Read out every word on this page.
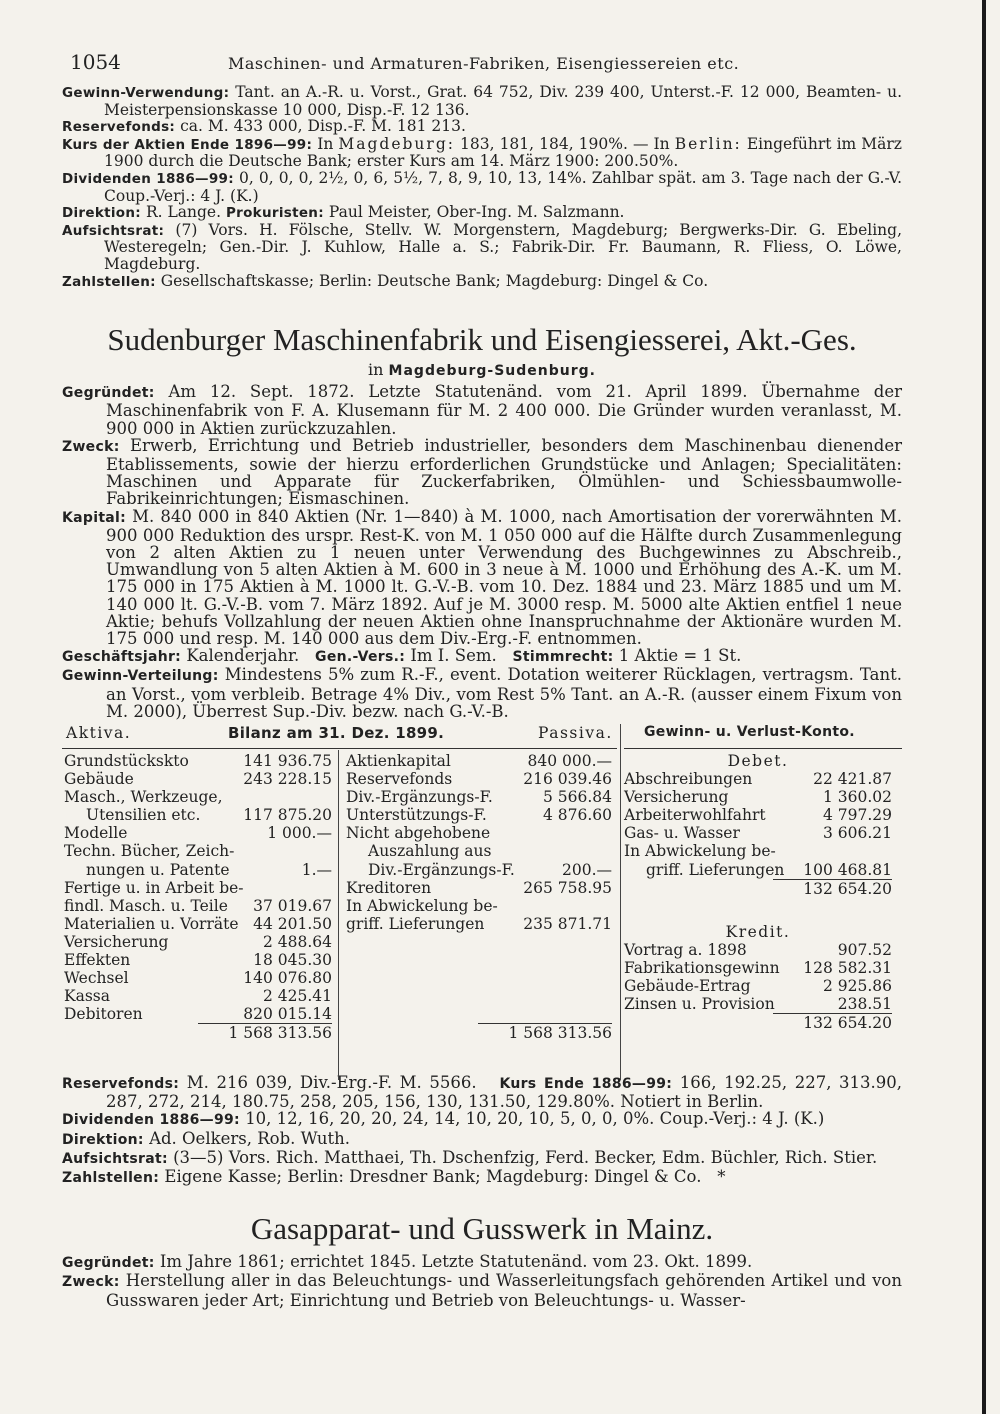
1054	Maschinen- und Armaturen-Fabriken, Eisengiessereien etc.

Gewinn-Verwendung: Tant. an A.-R. u. Vorst., Grat. 64 752, Div. 239 400, Unterst.-F. 12 000, Beamten- u. Meisterpensionskasse 10 000, Disp.-F. 12 136.

Reservefonds: ca. M. 433 000, Disp.-F. M. 181 213.

Kurs der Aktien Ende 1896—99: In Magdeburg: 183, 181, 184, 190%. — In Berlin: Eingeführt im März 1900 durch die Deutsche Bank; erster Kurs am 14. März 1900: 200.50%.

Dividenden 1886—99: 0, 0, 0, 0, 2½, 0, 6, 5½, 7, 8, 9, 10, 13, 14%. Zahlbar spät. am 3. Tage nach der G.-V. Coup.-Verj.: 4 J. (K.)

Direktion: R. Lange. Prokuristen: Paul Meister, Ober-Ing. M. Salzmann.

Aufsichtsrat: (7) Vors. H. Fölsche, Stellv. W. Morgenstern, Magdeburg; Bergwerks-Dir. G. Ebeling, Westeregeln; Gen.-Dir. J. Kuhlow, Halle a. S.; Fabrik-Dir. Fr. Baumann, R. Fliess, O. Löwe, Magdeburg.

Zahlstellen: Gesellschaftskasse; Berlin: Deutsche Bank; Magdeburg: Dingel & Co.

Sudenburger Maschinenfabrik und Eisengiesserei, Akt.-Ges.
in Magdeburg-Sudenburg.

Gegründet: Am 12. Sept. 1872. Letzte Statutenänd. vom 21. April 1899. Übernahme der Maschinenfabrik von F. A. Klusemann für M. 2 400 000. Die Gründer wurden veranlasst, M. 900 000 in Aktien zurückzuzahlen.

Zweck: Erwerb, Errichtung und Betrieb industrieller, besonders dem Maschinenbau dienender Etablissements, sowie der hierzu erforderlichen Grundstücke und Anlagen; Specialitäten: Maschinen und Apparate für Zuckerfabriken, Ölmühlen- und Schiessbaumwolle-Fabrikeinrichtungen; Eismaschinen.

Kapital: M. 840 000 in 840 Aktien (Nr. 1—840) à M. 1000, nach Amortisation der vorerwähnten M. 900 000 Reduktion des urspr. Rest-K. von M. 1 050 000 auf die Hälfte durch Zusammenlegung von 2 alten Aktien zu 1 neuen unter Verwendung des Buchgewinnes zu Abschreib., Umwandlung von 5 alten Aktien à M. 600 in 3 neue à M. 1000 und Erhöhung des A.-K. um M. 175 000 in 175 Aktien à M. 1000 lt. G.-V.-B. vom 10. Dez. 1884 und 23. März 1885 und um M. 140 000 lt. G.-V.-B. vom 7. März 1892. Auf je M. 3000 resp. M. 5000 alte Aktien entfiel 1 neue Aktie; behufs Vollzahlung der neuen Aktien ohne Inanspruchnahme der Aktionäre wurden M. 175 000 und resp. M. 140 000 aus dem Div.-Erg.-F. entnommen.

Geschäftsjahr: Kalenderjahr. Gen.-Vers.: Im I. Sem. Stimmrecht: 1 Aktie = 1 St.

Gewinn-Verteilung: Mindestens 5% zum R.-F., event. Dotation weiterer Rücklagen, vertragsm. Tant. an Vorst., vom verbleib. Betrage 4% Div., vom Rest 5% Tant. an A.-R. (ausser einem Fixum von M. 2000), Überrest Sup.-Div. bezw. nach G.-V.-B.

Aktiva.	Bilanz am 31. Dez. 1899.	Passiva. Gewinn- u. Verlust-Konto.
Grundstückskto	141 936.75
Gebäude	243 228.15
Masch., Werkzeuge,
Utensilien etc.	117 875.20
Modelle	1 000.—
Techn. Bücher, Zeich-
nungen u. Patente	1.—
Fertige u. in Arbeit be-
findl. Masch. u. Teile 37 019.67
Materialien u. Vorräte 44 201.50
Versicherung	2 488.64
Effekten	18 045.30
Wechsel	140 076.80
Kassa	2 425.41
Debitoren	820 015.14
1 568 313.56
Aktienkapital	840 000.—
Reservefonds	216 039.46
Div.-Ergänzungs-F.	5 566.84
Unterstützungs-F.	4 876.60
Nicht abgehobene
Auszahlung aus
Div.-Ergänzungs-F.	200.—
Kreditoren	265 758.95
In Abwickelung be-
griff. Lieferungen	235 871.71
1 568 313.56
Debet.
Abschreibungen	22 421.87
Versicherung	1 360.02
Arbeiterwohlfahrt	4 797.29
Gas- u. Wasser	3 606.21
In Abwickelung be-
griff. Lieferungen 100 468.81
132 654.20
Kredit.
Vortrag a. 1898	907.52
Fabrikationsgewinn 128 582.31
Gebäude-Ertrag	2 925.86
Zinsen u. Provision	238.51
132 654.20

Reservefonds: M. 216 039, Div.-Erg.-F. M. 5566. Kurs Ende 1886—99: 166, 192.25, 227, 313.90, 287, 272, 214, 180.75, 258, 205, 156, 130, 131.50, 129.80%. Notiert in Berlin.

Dividenden 1886—99: 10, 12, 16, 20, 20, 24, 14, 10, 20, 10, 5, 0, 0, 0%. Coup.-Verj.: 4 J. (K.)

Direktion: Ad. Oelkers, Rob. Wuth.

Aufsichtsrat: (3—5) Vors. Rich. Matthaei, Th. Dschenfzig, Ferd. Becker, Edm. Büchler, Rich. Stier.

Zahlstellen: Eigene Kasse; Berlin: Dresdner Bank; Magdeburg: Dingel & Co. *

Gasapparat- und Gusswerk in Mainz.

Gegründet: Im Jahre 1861; errichtet 1845. Letzte Statutenänd. vom 23. Okt. 1899.

Zweck: Herstellung aller in das Beleuchtungs- und Wasserleitungsfach gehörenden Artikel und von Gusswaren jeder Art; Einrichtung und Betrieb von Beleuchtungs- u. Wasser-
